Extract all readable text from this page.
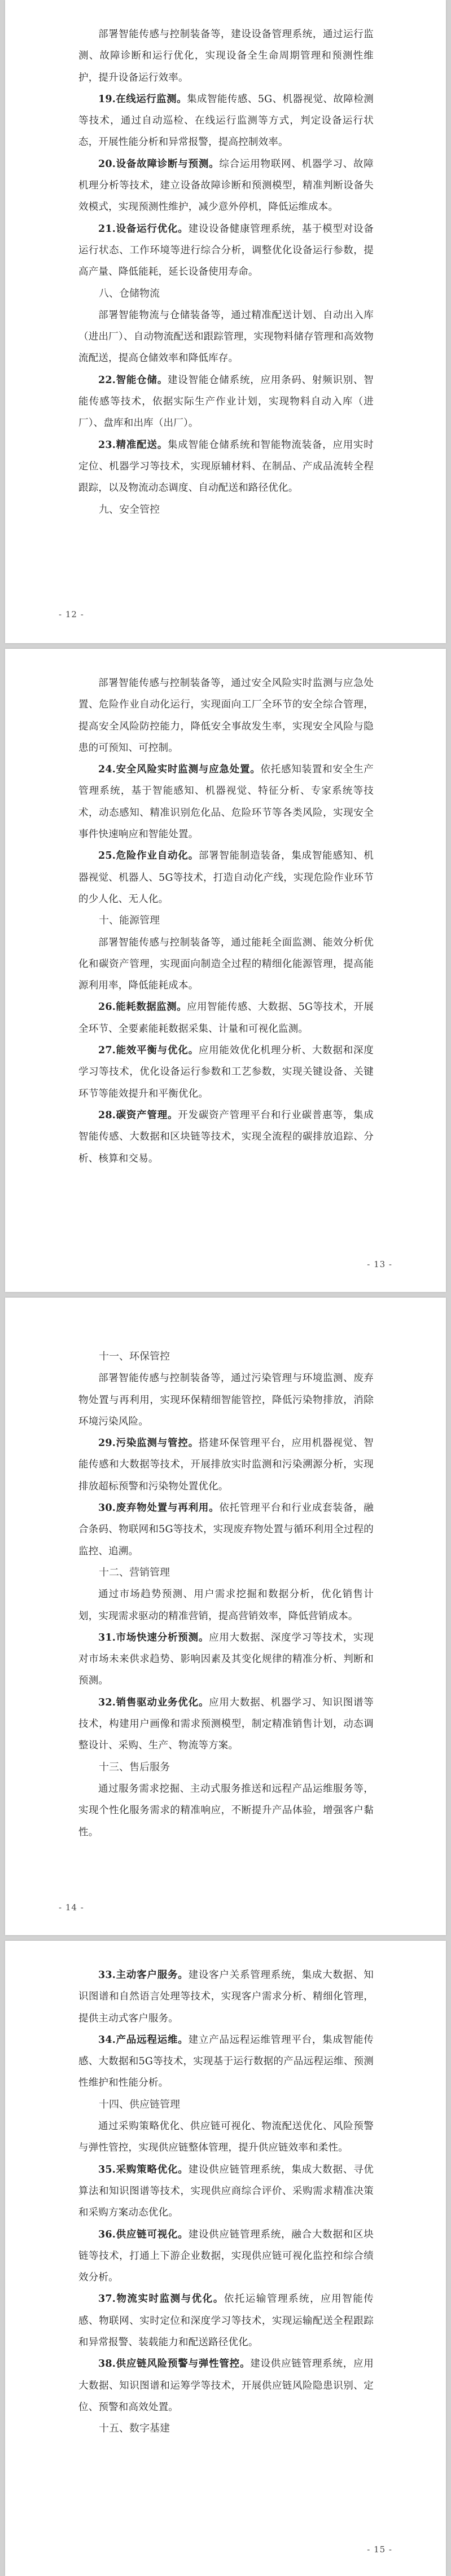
部署智能传感与控制装备等，建设设备管理系统，通过运行监测、故障诊断和运行优化，实现设备全生命周期管理和预测性维护，提升设备运行效率。

19.在线运行监测。集成智能传感、5G、机器视觉、故障检测等技术，通过自动巡检、在线运行监测等方式，判定设备运行状态，开展性能分析和异常报警，提高控制效率。

20.设备故障诊断与预测。综合运用物联网、机器学习、故障机理分析等技术，建立设备故障诊断和预测模型，精准判断设备失效模式，实现预测性维护，减少意外停机，降低运维成本。

21.设备运行优化。建设设备健康管理系统，基于模型对设备运行状态、工作环境等进行综合分析，调整优化设备运行参数，提高产量、降低能耗，延长设备使用寿命。

八、仓储物流

部署智能物流与仓储装备等，通过精准配送计划、自动出入库（进出厂）、自动物流配送和跟踪管理，实现物料储存管理和高效物流配送，提高仓储效率和降低库存。

22.智能仓储。建设智能仓储系统，应用条码、射频识别、智能传感等技术，依据实际生产作业计划，实现物料自动入库（进厂）、盘库和出库（出厂）。

23.精准配送。集成智能仓储系统和智能物流装备，应用实时定位、机器学习等技术，实现原辅材料、在制品、产成品流转全程跟踪，以及物流动态调度、自动配送和路径优化。

九、安全管控

- 12 -

部署智能传感与控制装备等，通过安全风险实时监测与应急处置、危险作业自动化运行，实现面向工厂全环节的安全综合管理，提高安全风险防控能力，降低安全事故发生率，实现安全风险与隐患的可预知、可控制。

24.安全风险实时监测与应急处置。依托感知装置和安全生产管理系统，基于智能感知、机器视觉、特征分析、专家系统等技术，动态感知、精准识别危化品、危险环节等各类风险，实现安全事件快速响应和智能处置。

25.危险作业自动化。部署智能制造装备，集成智能感知、机器视觉、机器人、5G等技术，打造自动化产线，实现危险作业环节的少人化、无人化。

十、能源管理

部署智能传感与控制装备等，通过能耗全面监测、能效分析优化和碳资产管理，实现面向制造全过程的精细化能源管理，提高能源利用率，降低能耗成本。

26.能耗数据监测。应用智能传感、大数据、5G等技术，开展全环节、全要素能耗数据采集、计量和可视化监测。

27.能效平衡与优化。应用能效优化机理分析、大数据和深度学习等技术，优化设备运行参数和工艺参数，实现关键设备、关键环节等能效提升和平衡优化。

28.碳资产管理。开发碳资产管理平台和行业碳普惠等，集成智能传感、大数据和区块链等技术，实现全流程的碳排放追踪、分析、核算和交易。

- 13 -

十一、环保管控

部署智能传感与控制装备等，通过污染管理与环境监测、废弃物处置与再利用，实现环保精细智能管控，降低污染物排放，消除环境污染风险。

29.污染监测与管控。搭建环保管理平台，应用机器视觉、智能传感和大数据等技术，开展排放实时监测和污染溯源分析，实现排放超标预警和污染物处置优化。

30.废弃物处置与再利用。依托管理平台和行业成套装备，融合条码、物联网和5G等技术，实现废弃物处置与循环利用全过程的监控、追溯。

十二、营销管理

通过市场趋势预测、用户需求挖掘和数据分析，优化销售计划，实现需求驱动的精准营销，提高营销效率，降低营销成本。

31.市场快速分析预测。应用大数据、深度学习等技术，实现对市场未来供求趋势、影响因素及其变化规律的精准分析、判断和预测。

32.销售驱动业务优化。应用大数据、机器学习、知识图谱等技术，构建用户画像和需求预测模型，制定精准销售计划，动态调整设计、采购、生产、物流等方案。

十三、售后服务

通过服务需求挖掘、主动式服务推送和远程产品运维服务等，实现个性化服务需求的精准响应，不断提升产品体验，增强客户黏性。

- 14 -

33.主动客户服务。建设客户关系管理系统，集成大数据、知识图谱和自然语言处理等技术，实现客户需求分析、精细化管理，提供主动式客户服务。

34.产品远程运维。建立产品远程运维管理平台，集成智能传感、大数据和5G等技术，实现基于运行数据的产品远程运维、预测性维护和性能分析。

十四、供应链管理

通过采购策略优化、供应链可视化、物流配送优化、风险预警与弹性管控，实现供应链整体管理，提升供应链效率和柔性。

35.采购策略优化。建设供应链管理系统，集成大数据、寻优算法和知识图谱等技术，实现供应商综合评价、采购需求精准决策和采购方案动态优化。

36.供应链可视化。建设供应链管理系统，融合大数据和区块链等技术，打通上下游企业数据，实现供应链可视化监控和综合绩效分析。

37.物流实时监测与优化。依托运输管理系统，应用智能传感、物联网、实时定位和深度学习等技术，实现运输配送全程跟踪和异常报警、装载能力和配送路径优化。

38.供应链风险预警与弹性管控。建设供应链管理系统，应用大数据、知识图谱和运筹学等技术，开展供应链风险隐患识别、定位、预警和高效处置。

十五、数字基建

- 15 -
